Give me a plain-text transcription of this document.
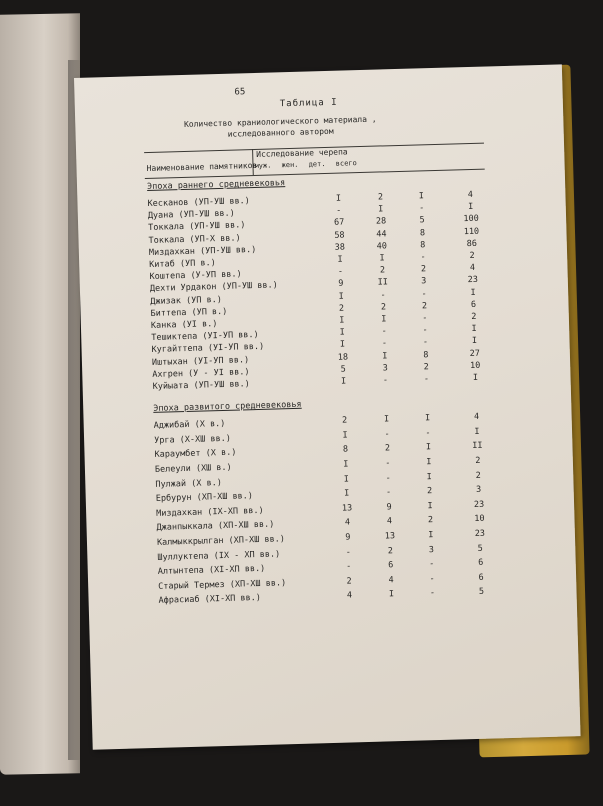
65
Таблица I
Количество краниологического материала ,
исследованного автором
Наименование памятников
Исследование черепа
муж. жен. дет. всего
Эпоха раннего средневековья
Кесканов (УП-УШ вв.)	I	2	I	4
Дуана (УП-УШ вв.)	-	I	-	I
Токкала (УП-УШ вв.)	67	28	5	100
Токкала (УП-Х вв.)	58	44	8	110
Миздахкан (УП-УШ вв.)	38	40	8	86
Китаб (УП в.)	I	I	-	2
Коштепа (У-УП вв.)	-	2	2	4
Дехти Урдакон (УП-УШ вв.)	9	II	3	23
Джизак (УП в.)	I	-	-	I
Биттепа (УП в.)	2	2	2	6
Канка (УI в.)	I	I	-	2
Тешиктепа (УI-УП вв.)	I	-	-	I
Кугайттепа (УI-УП вв.)	I	-	-	I
Иштыхан (УI-УП вв.)	18	I	8	27
Ахгрен (У - УI вв.)	5	3	2	10
Куйыата (УП-УШ вв.)	I	-	-	I
Эпоха развитого средневековья
Аджибай (Х в.)	2	I	I	4
Урга (Х-ХШ вв.)	I	-	-	I
Караумбет (Х в.)	8	2	I	II
Белеули (ХШ в.)	I	-	I	2
Пулжай (Х в.)	I	-	I	2
Ербурун (ХП-ХШ вв.)	I	-	2	3
Миздахкан (IХ-ХП вв.)	13	9	I	23
Джанпыккала (ХП-ХШ вв.)	4	4	2	10
Калмыккрылган (ХП-ХШ вв.)	9	13	I	23
Шуллуктепа (IХ - ХП вв.)	-	2	3	5
Алтынтепа (ХI-ХП вв.)	-	6	-	6
Старый Термез (ХП-ХШ вв.)	2	4	-	6
Афрасиаб (ХI-ХП вв.)	4	I	-	5
